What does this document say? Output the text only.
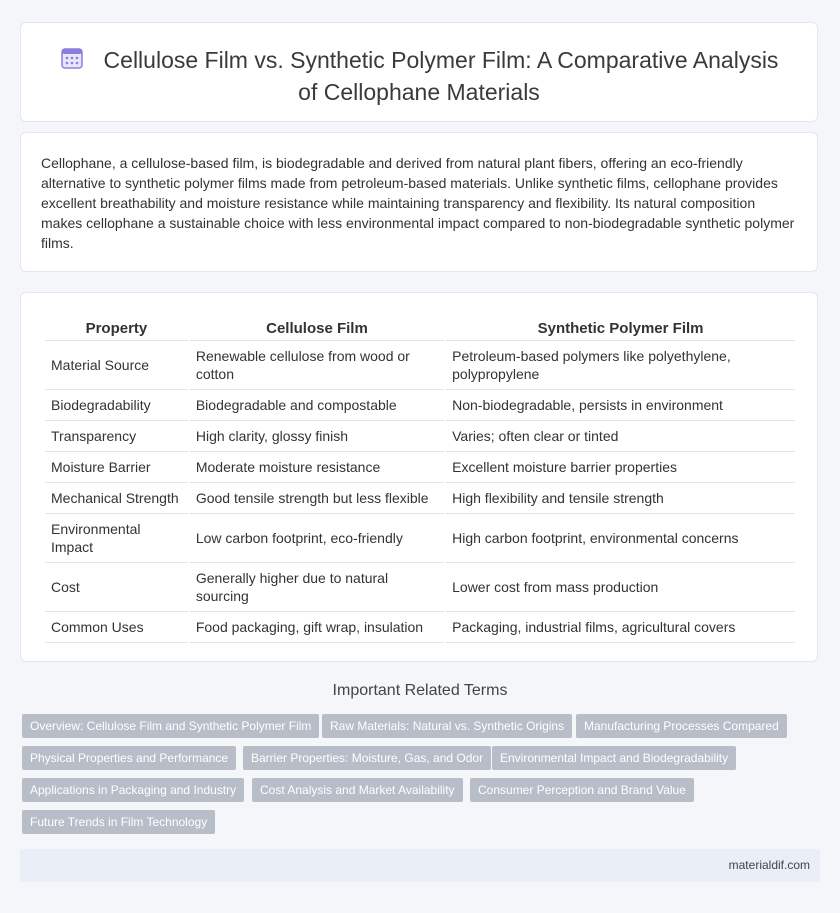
Cellulose Film vs. Synthetic Polymer Film: A Comparative Analysis
of Cellophane Materials
Cellophane, a cellulose-based film, is biodegradable and derived from natural plant fibers, offering an eco-friendly alternative to synthetic polymer films made from petroleum-based materials. Unlike synthetic films, cellophane provides excellent breathability and moisture resistance while maintaining transparency and flexibility. Its natural composition makes cellophane a sustainable choice with less environmental impact compared to non-biodegradable synthetic polymer films.
Property	Cellulose Film	Synthetic Polymer Film
Material Source	Renewable cellulose from wood or cotton	Petroleum-based polymers like polyethylene, polypropylene
Biodegradability	Biodegradable and compostable	Non-biodegradable, persists in environment
Transparency	High clarity, glossy finish	Varies; often clear or tinted
Moisture Barrier	Moderate moisture resistance	Excellent moisture barrier properties
Mechanical Strength	Good tensile strength but less flexible	High flexibility and tensile strength
Environmental Impact	Low carbon footprint, eco-friendly	High carbon footprint, environmental concerns
Cost	Generally higher due to natural sourcing	Lower cost from mass production
Common Uses	Food packaging, gift wrap, insulation	Packaging, industrial films, agricultural covers
Important Related Terms
Overview: Cellulose Film and Synthetic Polymer Film	Raw Materials: Natural vs. Synthetic Origins	Manufacturing Processes Compared
Physical Properties and Performance	Barrier Properties: Moisture, Gas, and Odor	Environmental Impact and Biodegradability
Applications in Packaging and Industry	Cost Analysis and Market Availability	Consumer Perception and Brand Value
Future Trends in Film Technology
materialdif.com
